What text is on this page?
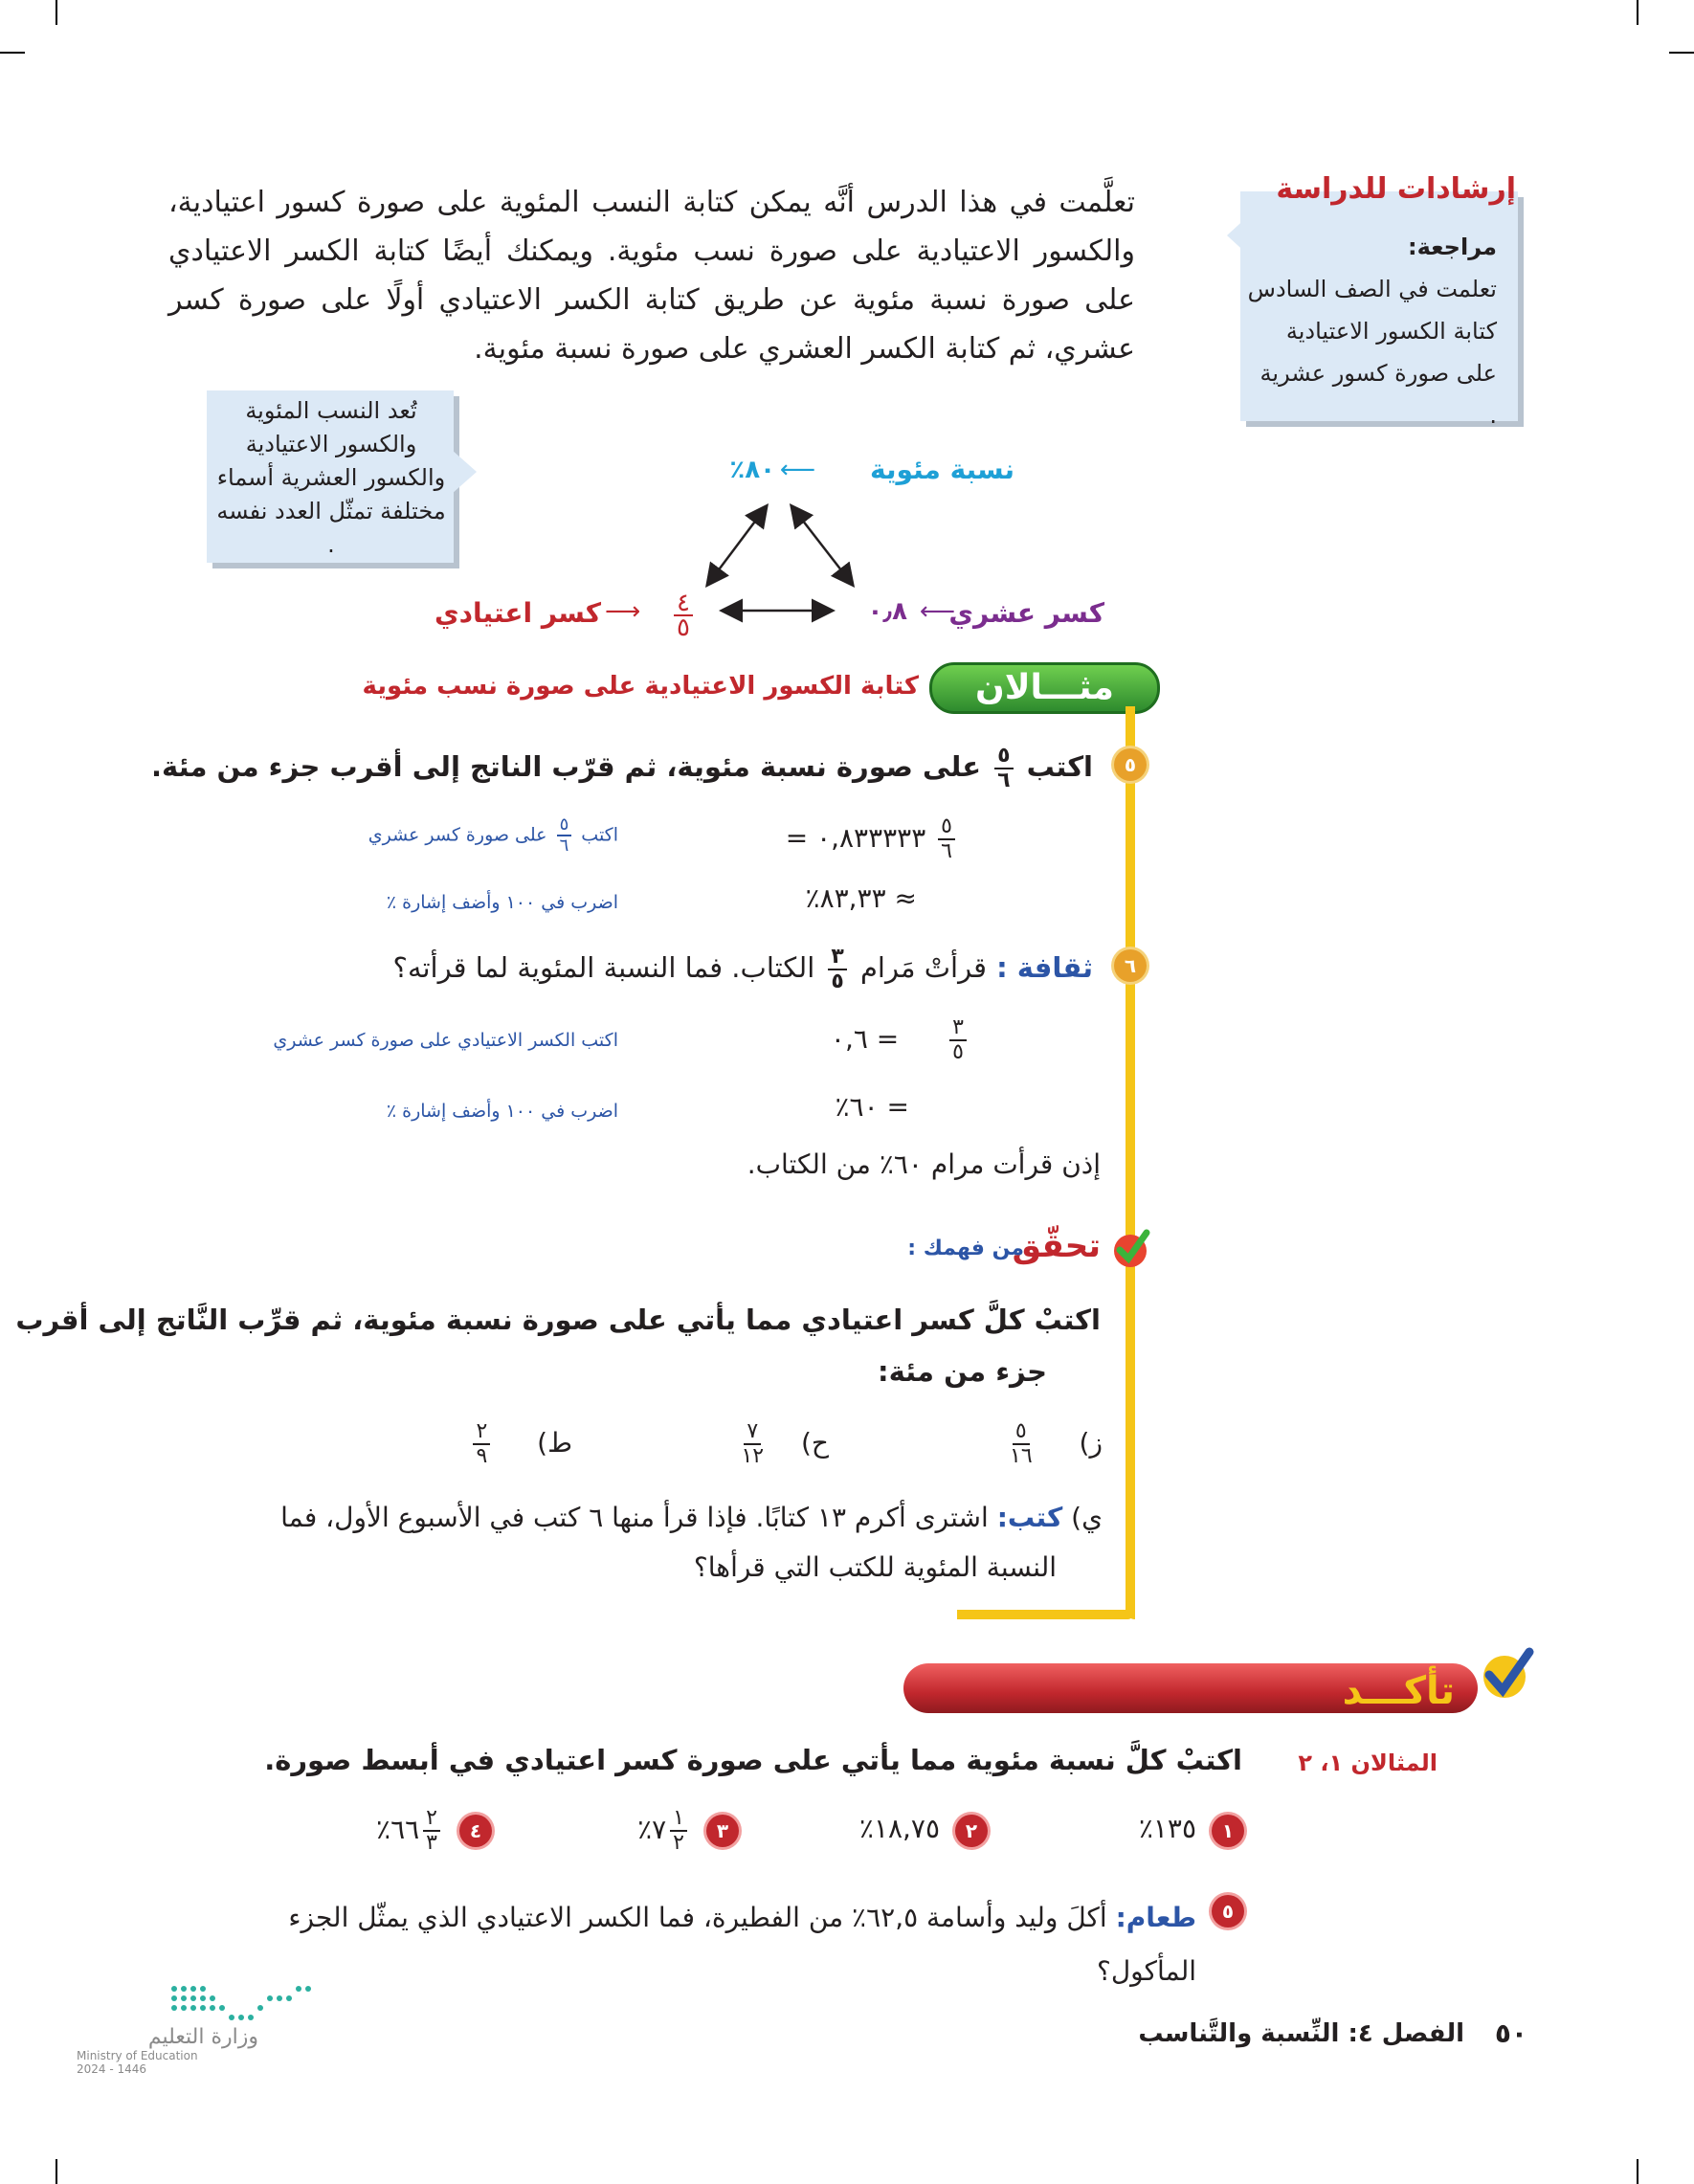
تعلَّمت في هذا الدرس أنَّه يمكن كتابة النسب المئوية على صورة كسور اعتيادية، والكسور الاعتيادية على صورة نسب مئوية. ويمكنك أيضًا كتابة الكسر الاعتيادي على صورة نسبة مئوية عن طريق كتابة الكسر الاعتيادي أولًا على صورة كسر عشري، ثم كتابة الكسر العشري على صورة نسبة مئوية.

إرشادات للدراسة
مراجعة:
تعلمت في الصف السادس كتابة الكسور الاعتيادية على صورة كسور عشرية .
تُعد النسب المئوية والكسور الاعتيادية والكسور العشرية أسماء مختلفة تمثّل العدد نفسه .
نسبة مئوية
⟵
٨٠٪
كسر اعتيادي ⟶ $\frac{٤}{٥}$	كسر عشري
⟵
٠٫٨
مثـــالان
كتابة الكسور الاعتيادية على صورة نسب مئوية
٥
اكتب
$\frac{٥}{٦}$
على صورة نسبة مئوية، ثم قرّب الناتج إلى أقرب جزء من مئة.
$\frac{٥}{٦}$
٠,٨٣٣٣٣٣ =
اكتب
$\frac{٥}{٦}$
على صورة كسر عشري
≈ ٨٣,٣٣٪
اضرب في ١٠٠ وأضف إشارة ٪
٦
ثقافة : قرأتْ مَرام
$\frac{٣}{٥}$
الكتاب. فما النسبة المئوية لما قرأته؟
$\frac{٣}{٥}$
= ٠,٦
اكتب الكسر الاعتيادي على صورة كسر عشري
= ٦٠٪
اضرب في ١٠٠ وأضف إشارة ٪
إذن قرأت مرام ٦٠٪ من الكتاب.
تحقّق
من فهمك :
اكتبْ كلَّ كسر اعتيادي مما يأتي على صورة نسبة مئوية، ثم قرِّب النَّاتج إلى أقرب
جزء من مئة:
ز)
$\frac{٥}{١٦}$
ح)
$\frac{٧}{١٢}$
ط)
$\frac{٢}{٩}$
ي) كتب: اشترى أكرم ١٣ كتابًا. فإذا قرأ منها ٦ كتب في الأسبوع الأول، فما
النسبة المئوية للكتب التي قرأها؟
تأكـــد
المثالان ١، ٢
اكتبْ كلَّ نسبة مئوية مما يأتي على صورة كسر اعتيادي في أبسط صورة.
١
١٣٥٪
٢
١٨,٧٥٪
٣
$\frac{١}{٢}$
٧٪
٤
$\frac{٢}{٣}$
٦٦٪
٥
طعام: أكلَ وليد وأسامة ٦٢,٥٪ من الفطيرة، فما الكسر الاعتيادي الذي يمثّل الجزء
المأكول؟
٥٠
الفصل ٤: النِّسبة والتَّناسب
وزارة التعليم
Ministry of Education
2024 - 1446
